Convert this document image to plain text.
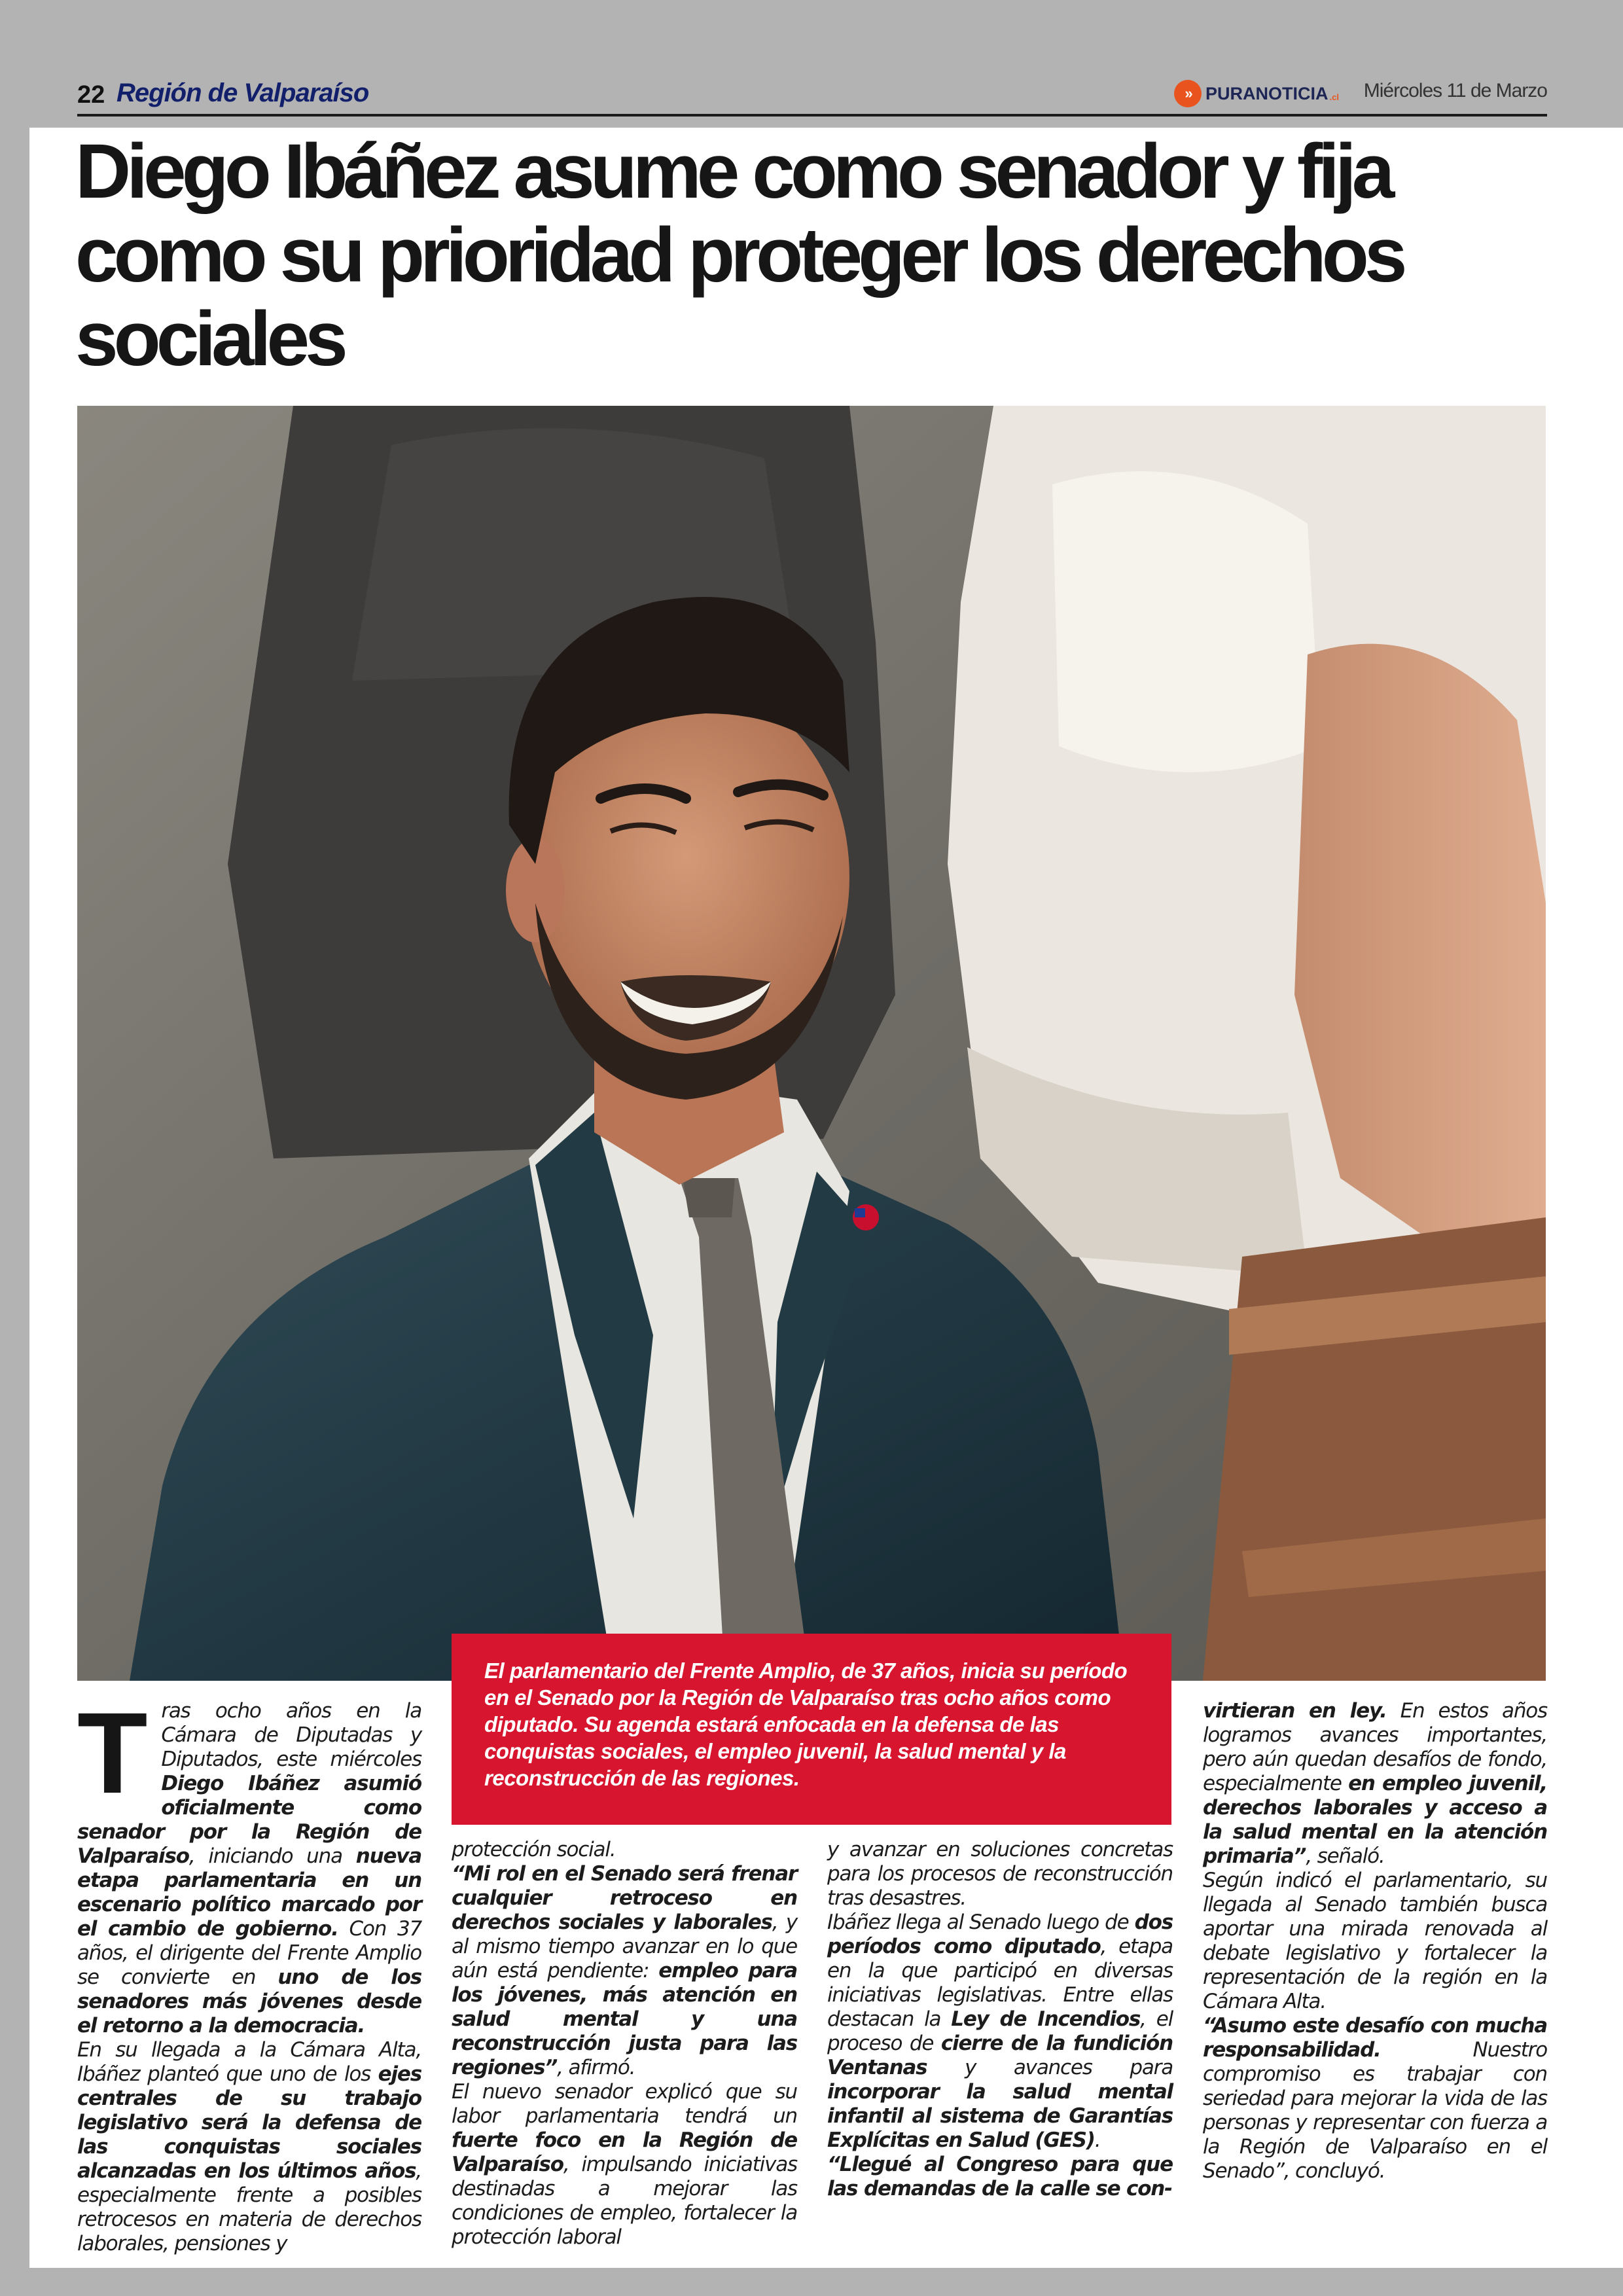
22 Región de Valparaíso	» PURANOTICIA .cl Miércoles 11 de Marzo
Diego Ibáñez asume como senador y fija como su prioridad proteger los derechos sociales

El parlamentario del Frente Amplio, de 37 años, inicia su período en el Senado por la Región de Valparaíso tras ocho años como diputado. Su agenda estará enfocada en la defensa de las conquistas sociales, el empleo juvenil, la salud mental y la reconstrucción de las regiones.

Tras ocho años en la Cámara de Diputadas y Diputados, este miércoles Diego Ibáñez asumió oficialmente como senador por la Región de Valparaíso, iniciando una nueva etapa parlamentaria en un escenario político marcado por el cambio de gobierno. Con 37 años, el dirigente del Frente Amplio se convierte en uno de los senadores más jóvenes desde el retorno a la democracia.

En su llegada a la Cámara Alta, Ibáñez planteó que uno de los ejes centrales de su trabajo legislativo será la defensa de las conquistas sociales alcanzadas en los últimos años, especialmente frente a posibles retrocesos en materia de derechos laborales, pensiones y

protección social.

“Mi rol en el Senado será frenar cualquier retroceso en derechos sociales y laborales, y al mismo tiempo avanzar en lo que aún está pendiente: empleo para los jóvenes, más atención en salud mental y una reconstrucción justa para las regiones”, afirmó.

El nuevo senador explicó que su labor parlamentaria tendrá un fuerte foco en la Región de Valparaíso, impulsando iniciativas destinadas a mejorar las condiciones de empleo, fortalecer la protección laboral

y avanzar en soluciones concretas para los procesos de reconstrucción tras desastres.

Ibáñez llega al Senado luego de dos períodos como diputado, etapa en la que participó en diversas iniciativas legislativas. Entre ellas destacan la Ley de Incendios, el proceso de cierre de la fundición Ventanas y avances para incorporar la salud mental infantil al sistema de Garantías Explícitas en Salud (GES).

“Llegué al Congreso para que las demandas de la calle se con-

virtieran en ley. En estos años logramos avances importantes, pero aún quedan desafíos de fondo, especialmente en empleo juvenil, derechos laborales y acceso a la salud mental en la atención primaria”, señaló.

Según indicó el parlamentario, su llegada al Senado también busca aportar una mirada renovada al debate legislativo y fortalecer la representación de la región en la Cámara Alta.

“Asumo este desafío con mucha responsabilidad. Nuestro compromiso es trabajar con seriedad para mejorar la vida de las personas y representar con fuerza a la Región de Valparaíso en el Senado”, concluyó.
